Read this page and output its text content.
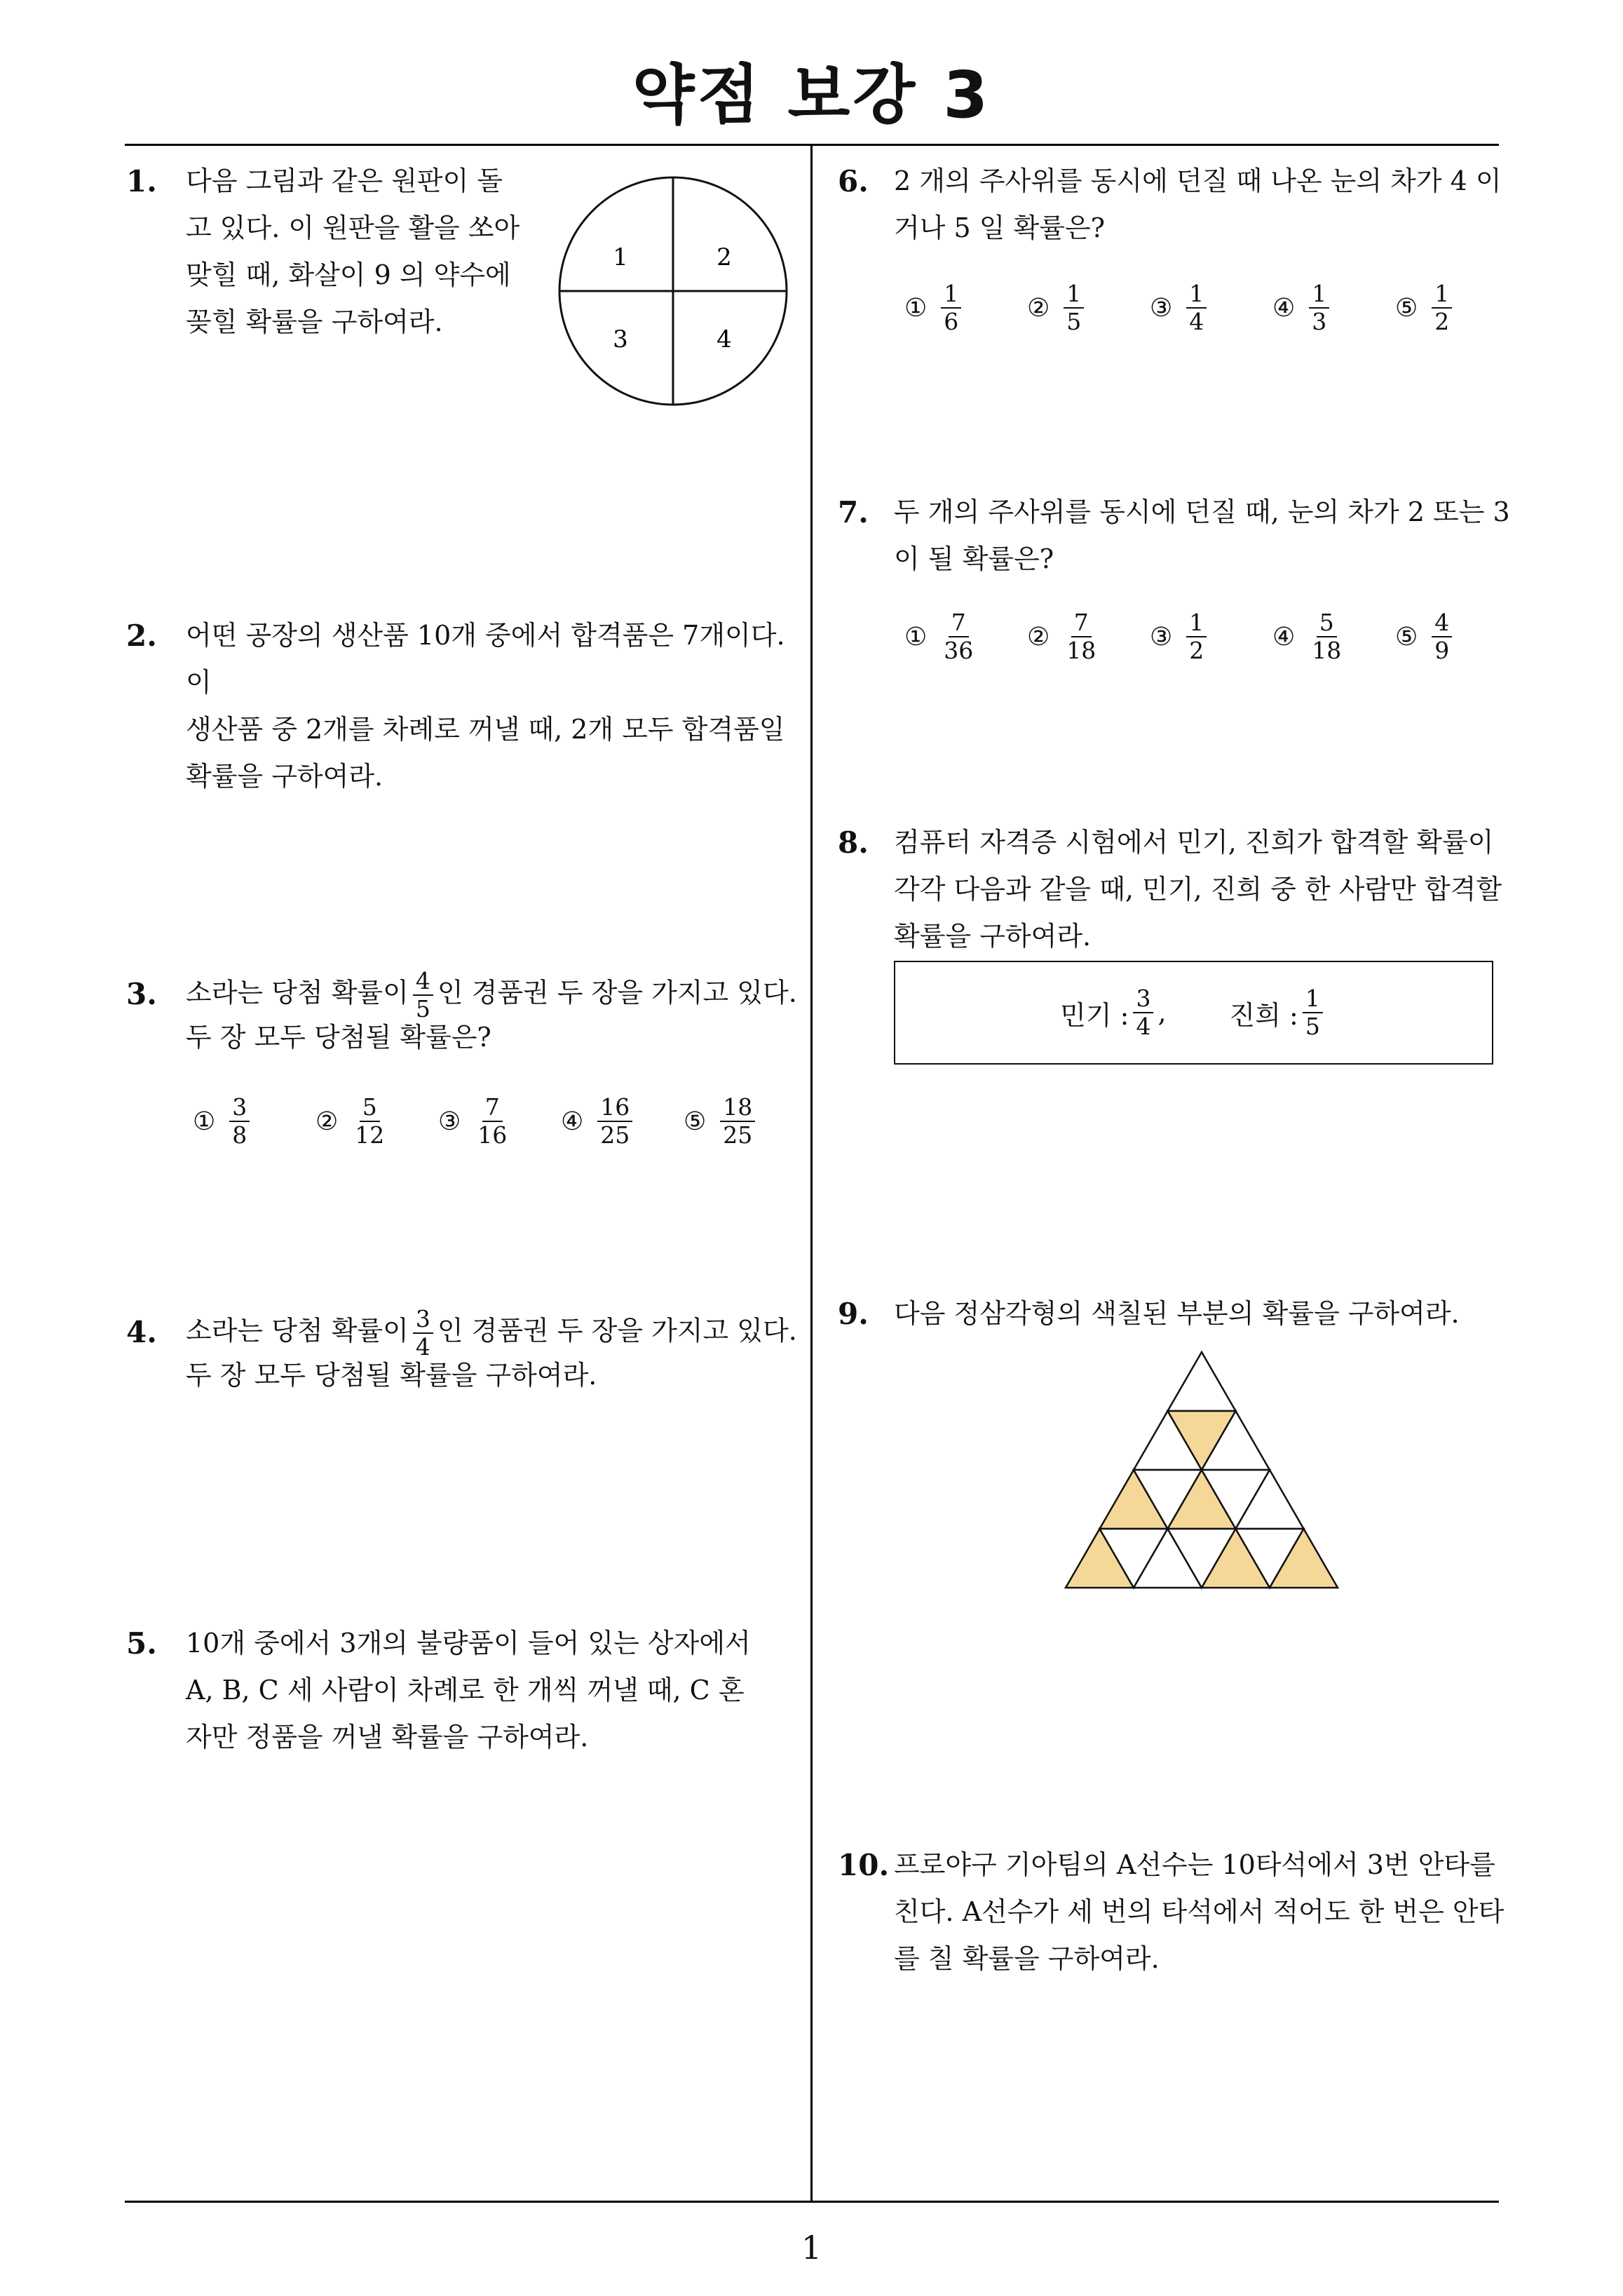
약점 보강 3
1. 다음 그림과 같은 원판이 돌
고 있다. 이 원판을 활을 쏘아
맞힐 때, 화살이 9 의 약수에
꽂힐 확률을 구하여라.
1	2
3	4
2. 어떤 공장의 생산품 10개 중에서 합격품은 7개이다. 이
생산품 중 2개를 차례로 꺼낼 때, 2개 모두 합격품일
확률을 구하여라.
3. 소라는 당첨 확률이 $\frac{4}{5}$ 인 경품권 두 장을 가지고 있다.
두 장 모두 당첨될 확률은?
① $\frac{3}{8}$	② $\frac{5}{12}$ ③ $\frac{7}{16}$ ④ $\frac{16}{25}$ ⑤ $\frac{18}{25}$
4. 소라는 당첨 확률이 $\frac{3}{4}$ 인 경품권 두 장을 가지고 있다.
두 장 모두 당첨될 확률을 구하여라.
5. 10개 중에서 3개의 불량품이 들어 있는 상자에서
A, B, C 세 사람이 차례로 한 개씩 꺼낼 때, C 혼
자만 정품을 꺼낼 확률을 구하여라.
6. 2 개의 주사위를 동시에 던질 때 나온 눈의 차가 4 이
거나 5 일 확률은?
① $\frac{1}{6}$	② $\frac{1}{5}$	③ $\frac{1}{4}$	④ $\frac{1}{3}$	⑤ $\frac{1}{2}$
7. 두 개의 주사위를 동시에 던질 때, 눈의 차가 2 또는 3
이 될 확률은?
① $\frac{7}{36}$ ② $\frac{7}{18}$ ③ $\frac{1}{2}$	④ $\frac{5}{18}$ ⑤ $\frac{4}{9}$
8. 컴퓨터 자격증 시험에서 민기, 진희가 합격할 확률이
각각 다음과 같을 때, 민기, 진희 중 한 사람만 합격할
확률을 구하여라.
민기 : $\frac{3}{4}$ , 진희 : $\frac{1}{5}$
9. 다음 정삼각형의 색칠된 부분의 확률을 구하여라.
10. 프로야구 기아팀의 A선수는 10타석에서 3번 안타를
친다. A선수가 세 번의 타석에서 적어도 한 번은 안타
를 칠 확률을 구하여라.
1
